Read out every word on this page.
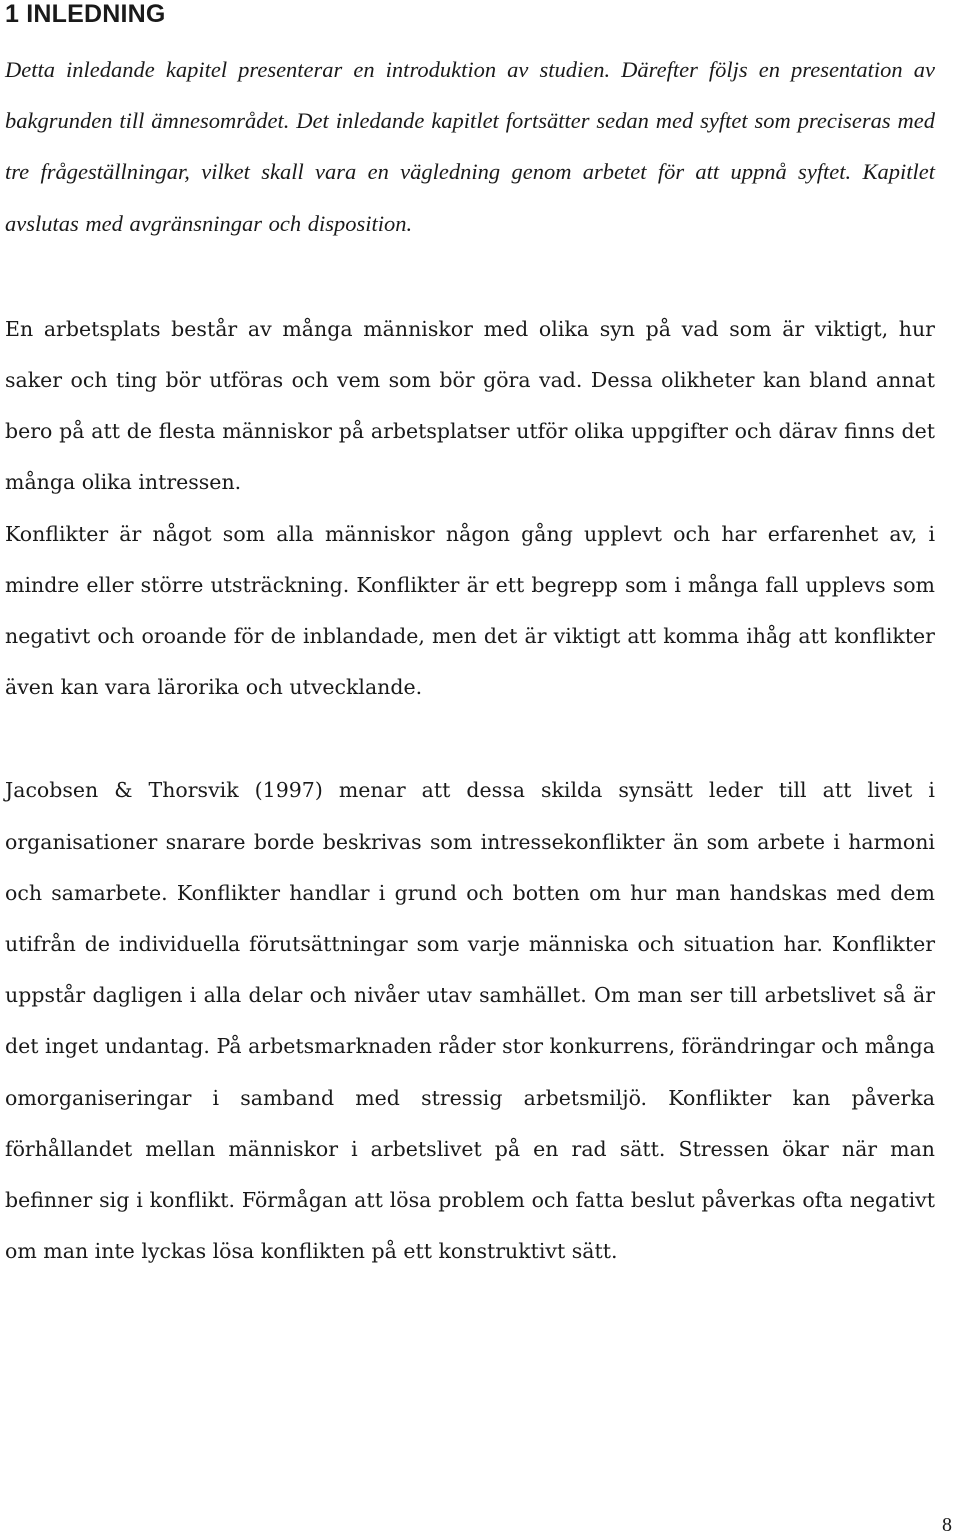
1 INLEDNING

Detta inledande kapitel presenterar en introduktion av studien. Därefter följs en presentation av bakgrunden till ämnesområdet. Det inledande kapitlet fortsätter sedan med syftet som preciseras med tre frågeställningar, vilket skall vara en vägledning genom arbetet för att uppnå syftet. Kapitlet avslutas med avgränsningar och disposition.

En arbetsplats består av många människor med olika syn på vad som är viktigt, hur saker och ting bör utföras och vem som bör göra vad. Dessa olikheter kan bland annat bero på att de flesta människor på arbetsplatser utför olika uppgifter och därav finns det många olika intressen.

Konflikter är något som alla människor någon gång upplevt och har erfarenhet av, i mindre eller större utsträckning. Konflikter är ett begrepp som i många fall upplevs som negativt och oroande för de inblandade, men det är viktigt att komma ihåg att konflikter även kan vara lärorika och utvecklande.

Jacobsen & Thorsvik (1997) menar att dessa skilda synsätt leder till att livet i organisationer snarare borde beskrivas som intressekonflikter än som arbete i harmoni och samarbete. Konflikter handlar i grund och botten om hur man handskas med dem utifrån de individuella förutsättningar som varje människa och situation har. Konflikter uppstår dagligen i alla delar och nivåer utav samhället. Om man ser till arbetslivet så är det inget undantag. På arbetsmarknaden råder stor konkurrens, förändringar och många omorganiseringar i samband med stressig arbetsmiljö. Konflikter kan påverka förhållandet mellan människor i arbetslivet på en rad sätt. Stressen ökar när man befinner sig i konflikt. Förmågan att lösa problem och fatta beslut påverkas ofta negativt om man inte lyckas lösa konflikten på ett konstruktivt sätt.

8
